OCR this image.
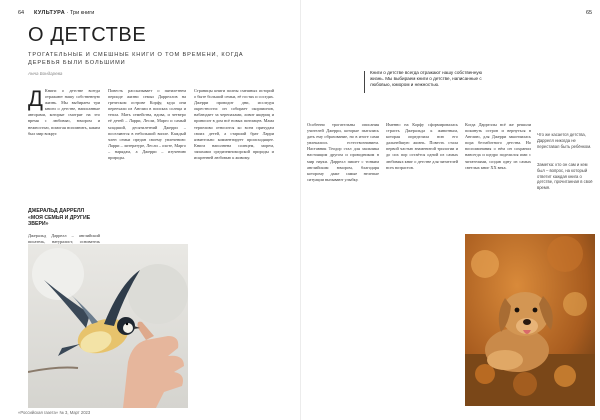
64 КУЛЬТУРА · Три книги
О ДЕТСТВЕ

ТРОГАТЕЛЬНЫЕ И СМЕШНЫЕ КНИГИ О ТОМ ВРЕМЕНИ, КОГДА ДЕРЕВЬЯ БЫЛИ БОЛЬШИМИ

Анна Бондарева
Д Книги о детстве всегда отражают нашу собственную жизнь. Мы выбираем три книги о детстве, написанные авторами, которые смотрят на это время с любовью, юмором и нежностью, помогая вспомнить, каким был мир вокруг.

ДЖЕРАЛЬД ДАРРЕЛЛ «МОЯ СЕМЬЯ И ДРУГИЕ ЗВЕРИ»

Джеральд Даррелл – английский писатель, натуралист, основатель

Повесть рассказывает о пятилетнем периоде жизни семьи Дарреллов на греческом острове Корфу, куда они переехали из Англии в поисках солнца и тепла. Мать семейства, вдова, и четверо её детей – Ларри, Лесли, Марго и самый младший, десятилетний Джерри – поселяются в небольшой вилле. Каждый член семьи предан своему увлечению: Ларри – литературе, Лесли – охоте, Марго – нарядам, а Джерри – изучению природы.

Страницы книги полны смешных историй о быте большой семьи, её гостях и соседях. Джерри проводит дни, исследуя окрестности: он собирает скорпионов, наблюдает за черепахами, ловит ящериц и приносит в дом всё новых питомцев. Мама терпеливо относится ко всем причудам своих детей, а старший брат Ларри язвительно комментирует происходящее. Книга наполнена солнцем, морем, запахами средиземноморской природы и искренней любовью к живому.

«Российская газета» № 3, Март 2023
65
Книги о детстве всегда отражают нашу собственную жизнь. Мы выбираем книги о детстве, написанные с любовью, юмором и нежностью.

Особенно трогательны описания учителей Джерри, которые пытались дать ему образование, но в итоге сами увлекались естествознанием. Наставник Теодор стал для мальчика настоящим другом и проводником в мир науки. Даррелл пишет с тонким английским юмором, благодаря которому даже самые нелепые ситуации вызывают улыбку.

Именно на Корфу сформировалась страсть Джеральда к животным, которая определила всю его дальнейшую жизнь. Повесть стала первой частью знаменитой трилогии и до сих пор остаётся одной из самых любимых книг о детстве для читателей всех возрастов.

Когда Дарреллы всё же решили покинуть остров и вернуться в Англию, для Джерри закончилась пора беззаботного детства. Но воспоминания о нём он сохранил навсегда и щедро поделился ими с читателями, создав одну из самых светлых книг XX века.

Что же касается детства, Даррелл никогда не переставал быть ребёнком.
Заметка: кто он сам и кем был – вопрос, на который ответит каждая книга о детстве, прочитанная в своё время.
